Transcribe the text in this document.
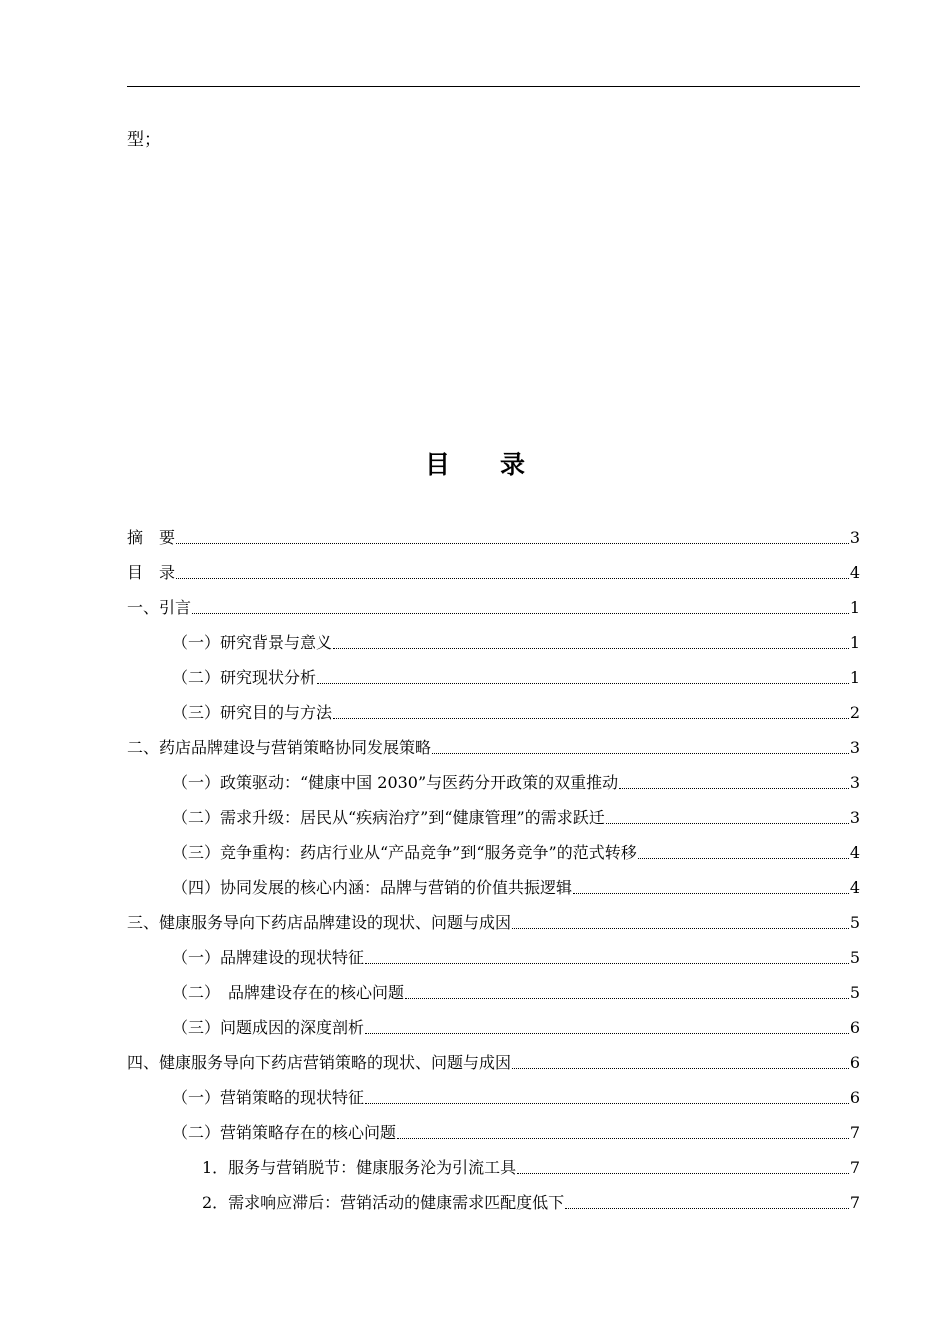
型；
目 录
摘　要	3
目　录	4
一、引言	1
（一）研究背景与意义	1
（二）研究现状分析	1
（三）研究目的与方法	2
二、药店品牌建设与营销策略协同发展策略	3
（一）政策驱动：“健康中国 2030”与医药分开政策的双重推动	3
（二）需求升级：居民从“疾病治疗”到“健康管理”的需求跃迁	3
（三）竞争重构：药店行业从“产品竞争”到“服务竞争”的范式转移	4
（四）协同发展的核心内涵：品牌与营销的价值共振逻辑	4
三、健康服务导向下药店品牌建设的现状、问题与成因	5
（一）品牌建设的现状特征	5
（二）　品牌建设存在的核心问题	5
（三）问题成因的深度剖析	6
四、健康服务导向下药店营销策略的现状、问题与成因	6
（一）营销策略的现状特征	6
（二）营销策略存在的核心问题	7
1．服务与营销脱节：健康服务沦为引流工具	7
2．需求响应滞后：营销活动的健康需求匹配度低下	7
